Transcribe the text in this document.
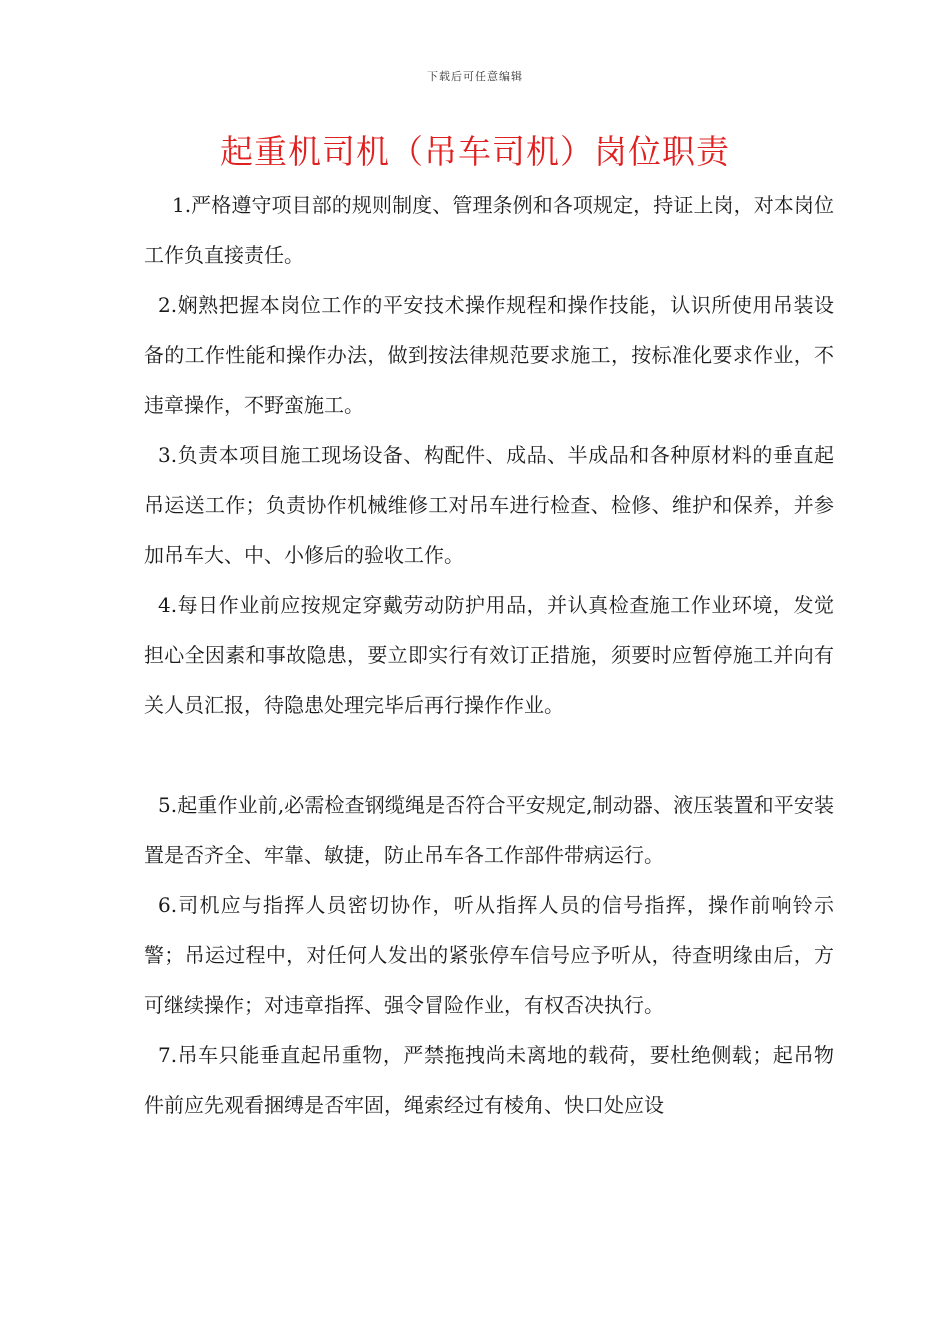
下载后可任意编辑
起重机司机（吊车司机）岗位职责

1.严格遵守项目部的规则制度、管理条例和各项规定，持证上岗，对本岗位工作负直接责任。

2.娴熟把握本岗位工作的平安技术操作规程和操作技能，认识所使用吊装设备的工作性能和操作办法，做到按法律规范要求施工，按标准化要求作业，不违章操作，不野蛮施工。

3.负责本项目施工现场设备、构配件、成品、半成品和各种原材料的垂直起吊运送工作；负责协作机械维修工对吊车进行检查、检修、维护和保养，并参加吊车大、中、小修后的验收工作。

4.每日作业前应按规定穿戴劳动防护用品，并认真检查施工作业环境，发觉担心全因素和事故隐患，要立即实行有效订正措施，须要时应暂停施工并向有关人员汇报，待隐患处理完毕后再行操作作业。

5.起重作业前,必需检查钢缆绳是否符合平安规定,制动器、液压装置和平安装置是否齐全、牢靠、敏捷，防止吊车各工作部件带病运行。

6.司机应与指挥人员密切协作，听从指挥人员的信号指挥，操作前响铃示警；吊运过程中，对任何人发出的紧张停车信号应予听从，待查明缘由后，方可继续操作；对违章指挥、强令冒险作业，有权否决执行。

7.吊车只能垂直起吊重物，严禁拖拽尚未离地的载荷，要杜绝侧载；起吊物件前应先观看捆缚是否牢固，绳索经过有棱角、快口处应设
